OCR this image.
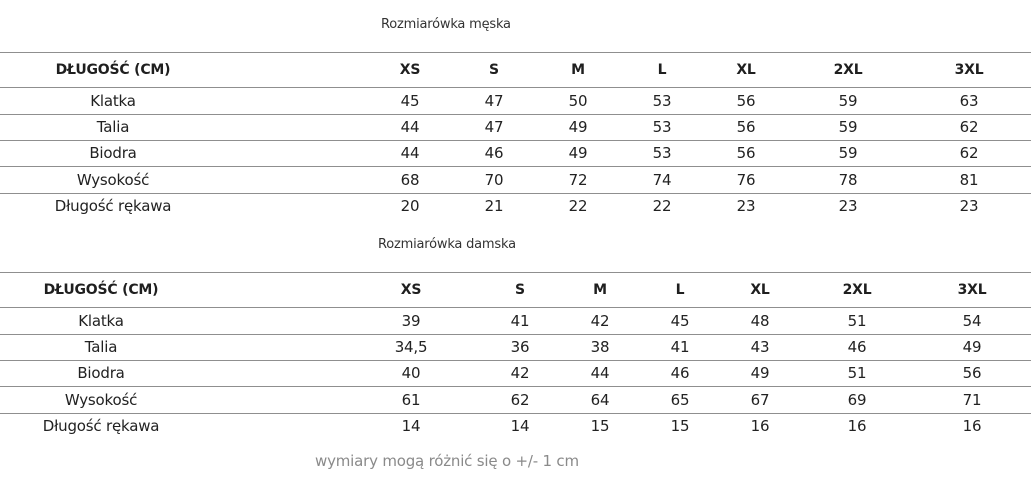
Rozmiarówka męska
DŁUGOŚĆ (CM)	XS	S	M	L	XL	2XL	3XL
Klatka	45	47	50	53	56	59	63
Talia	44	47	49	53	56	59	62
Biodra	44	46	49	53	56	59	62
Wysokość	68	70	72	74	76	78	81
Długość rękawa	20	21	22	22	23	23	23
Rozmiarówka damska
DŁUGOŚĆ (CM)	XS	S	M	L	XL	2XL	3XL
Klatka	39	41	42	45	48	51	54
Talia	34,5	36	38	41	43	46	49
Biodra	40	42	44	46	49	51	56
Wysokość	61	62	64	65	67	69	71
Długość rękawa	14	14	15	15	16	16	16
wymiary mogą różnić się o +/- 1 cm
